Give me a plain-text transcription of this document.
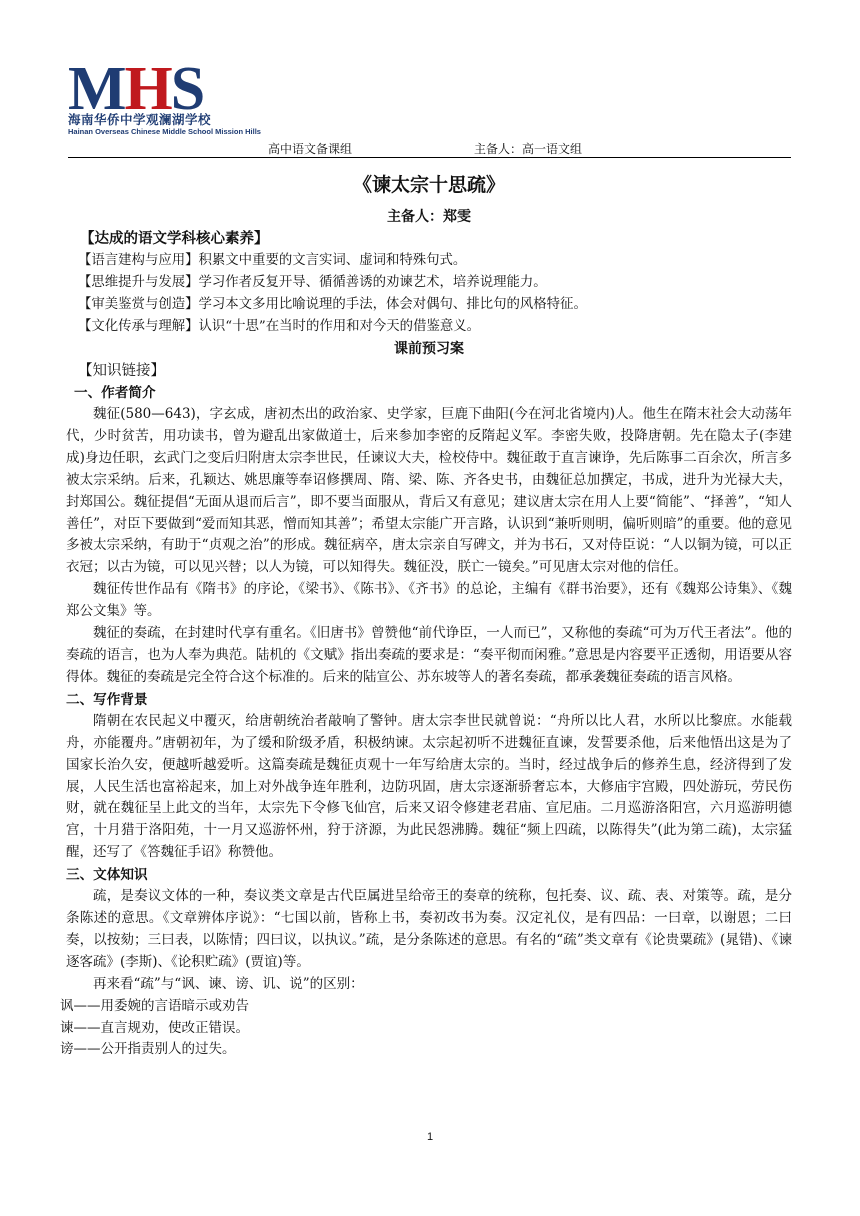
MHS
海南华侨中学观澜湖学校
Hainan Overseas Chinese Middle School Mission Hills
高中语文备课组	主备人：高一语文组
《谏太宗十思疏》
主备人：郑雯
【达成的语文学科核心素养】
【语言建构与应用】积累文中重要的文言实词、虚词和特殊句式。
【思维提升与发展】学习作者反复开导、循循善诱的劝谏艺术，培养说理能力。
【审美鉴赏与创造】学习本文多用比喻说理的手法，体会对偶句、排比句的风格特征。
【文化传承与理解】认识“十思”在当时的作用和对今天的借鉴意义。
课前预习案
【知识链接】
一、作者简介

魏征(580—643)，字玄成，唐初杰出的政治家、史学家，巨鹿下曲阳(今在河北省境内)人。他生在隋末社会大动荡年代，少时贫苦，用功读书，曾为避乱出家做道士，后来参加李密的反隋起义军。李密失败，投降唐朝。先在隐太子(李建成)身边任职，玄武门之变后归附唐太宗李世民，任谏议大夫，检校侍中。魏征敢于直言谏诤，先后陈事二百余次，所言多被太宗采纳。后来，孔颖达、姚思廉等奉诏修撰周、隋、梁、陈、齐各史书，由魏征总加撰定，书成，进升为光禄大夫，封郑国公。魏征提倡“无面从退而后言”，即不要当面服从，背后又有意见；建议唐太宗在用人上要“简能”、“择善”，“知人善任”，对臣下要做到“爱而知其恶，憎而知其善”；希望太宗能广开言路，认识到“兼听则明，偏听则暗”的重要。他的意见多被太宗采纳，有助于“贞观之治”的形成。魏征病卒，唐太宗亲自写碑文，并为书石，又对侍臣说：“人以铜为镜，可以正衣冠；以古为镜，可以见兴替；以人为镜，可以知得失。魏征没，朕亡一镜矣。”可见唐太宗对他的信任。

魏征传世作品有《隋书》的序论，《梁书》、《陈书》、《齐书》的总论，主编有《群书治要》，还有《魏郑公诗集》、《魏郑公文集》等。

魏征的奏疏，在封建时代享有重名。《旧唐书》曾赞他“前代诤臣，一人而已”，又称他的奏疏“可为万代王者法”。他的奏疏的语言，也为人奉为典范。陆机的《文赋》指出奏疏的要求是：“奏平彻而闲雅。”意思是内容要平正透彻，用语要从容得体。魏征的奏疏是完全符合这个标准的。后来的陆宣公、苏东坡等人的著名奏疏，都承袭魏征奏疏的语言风格。

二、写作背景

隋朝在农民起义中覆灭，给唐朝统治者敲响了警钟。唐太宗李世民就曾说：“舟所以比人君，水所以比黎庶。水能载舟，亦能覆舟。”唐朝初年，为了缓和阶级矛盾，积极纳谏。太宗起初听不进魏征直谏，发誓要杀他，后来他悟出这是为了国家长治久安，便越听越爱听。这篇奏疏是魏征贞观十一年写给唐太宗的。当时，经过战争后的修养生息，经济得到了发展，人民生活也富裕起来，加上对外战争连年胜利，边防巩固，唐太宗逐渐骄奢忘本，大修庙宇宫殿，四处游玩，劳民伤财，就在魏征呈上此文的当年，太宗先下令修飞仙宫，后来又诏令修建老君庙、宣尼庙。二月巡游洛阳宫，六月巡游明德宫，十月猎于洛阳苑，十一月又巡游怀州，狩于济源，为此民怨沸腾。魏征“频上四疏，以陈得失”(此为第二疏)，太宗猛醒，还写了《答魏征手诏》称赞他。

三、文体知识

疏，是奏议文体的一种，奏议类文章是古代臣属进呈给帝王的奏章的统称，包托奏、议、疏、表、对策等。疏，是分条陈述的意思。《文章辨体序说》：“七国以前，皆称上书，奏初改书为奏。汉定礼仪，是有四品：一曰章，以谢恩；二曰奏，以按劾；三曰表，以陈情；四曰议，以执议。”疏，是分条陈述的意思。有名的“疏”类文章有《论贵粟疏》(晁错)、《谏逐客疏》(李斯)、《论积贮疏》(贾谊)等。

再来看“疏”与“讽、谏、谤、讥、说”的区别：

讽——用委婉的言语暗示或劝告
谏——直言规劝，使改正错误。
谤——公开指责别人的过失。
1
